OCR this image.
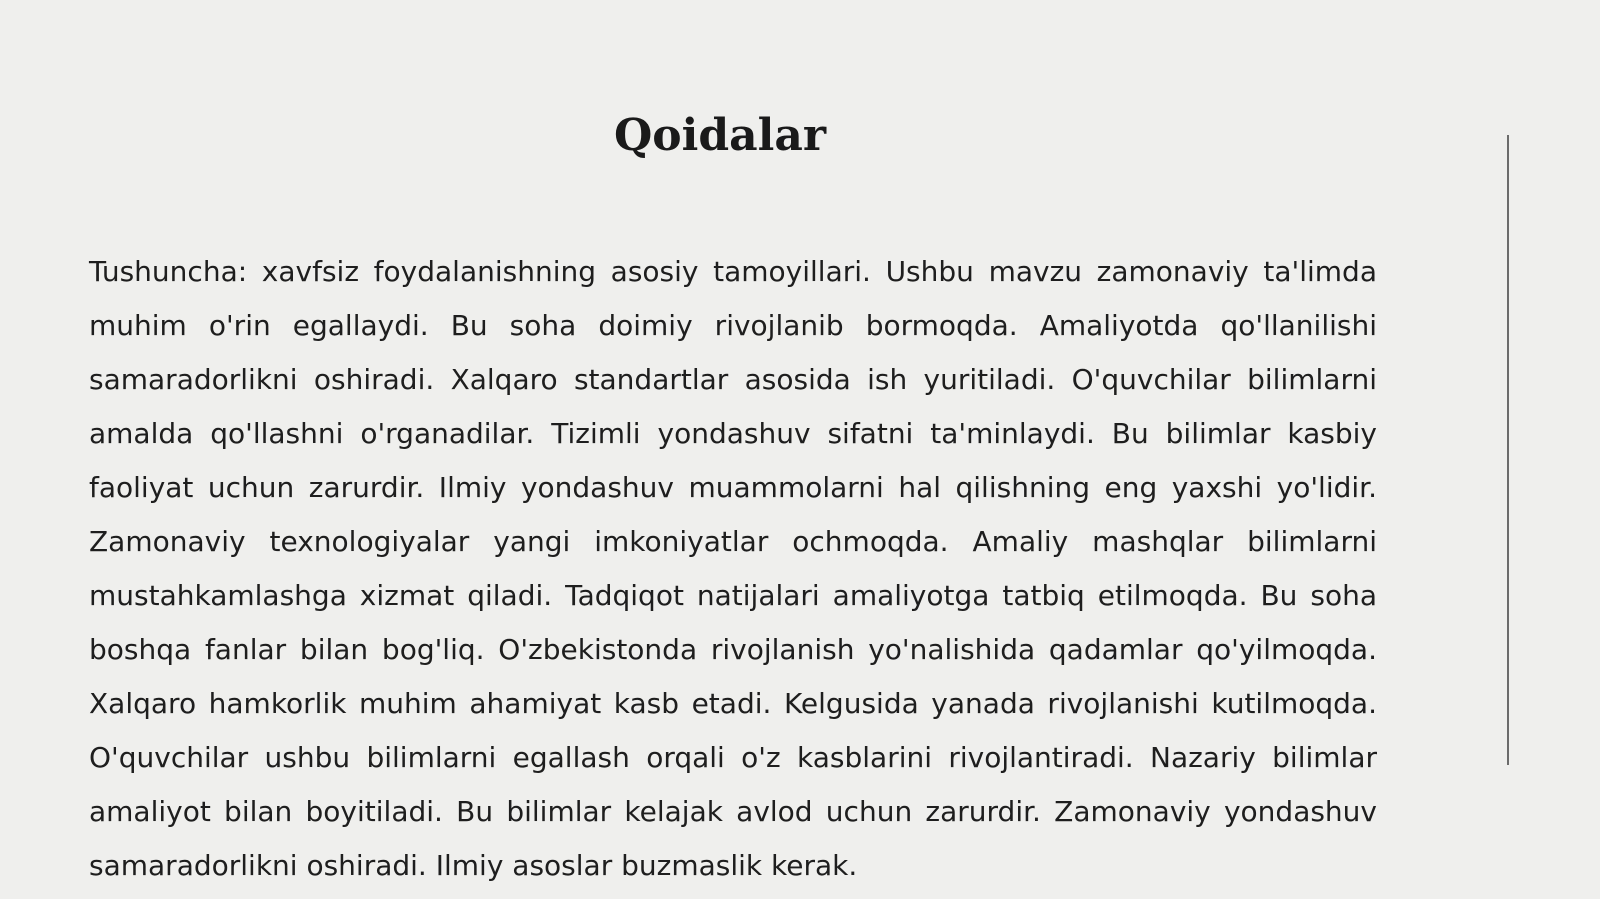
Qoidalar

Tushuncha: xavfsiz foydalanishning asosiy tamoyillari. Ushbu mavzu zamonaviy ta'limda muhim o'rin egallaydi. Bu soha doimiy rivojlanib bormoqda. Amaliyotda qo'llanilishi samaradorlikni oshiradi. Xalqaro standartlar asosida ish yuritiladi. O'quvchilar bilimlarni amalda qo'llashni o'rganadilar. Tizimli yondashuv sifatni ta'minlaydi. Bu bilimlar kasbiy faoliyat uchun zarurdir. Ilmiy yondashuv muammolarni hal qilishning eng yaxshi yo'lidir. Zamonaviy texnologiyalar yangi imkoniyatlar ochmoqda. Amaliy mashqlar bilimlarni mustahkamlashga xizmat qiladi. Tadqiqot natijalari amaliyotga tatbiq etilmoqda. Bu soha boshqa fanlar bilan bog'liq. O'zbekistonda rivojlanish yo'nalishida qadamlar qo'yilmoqda. Xalqaro hamkorlik muhim ahamiyat kasb etadi. Kelgusida yanada rivojlanishi kutilmoqda. O'quvchilar ushbu bilimlarni egallash orqali o'z kasblarini rivojlantiradi. Nazariy bilimlar amaliyot bilan boyitiladi. Bu bilimlar kelajak avlod uchun zarurdir. Zamonaviy yondashuv samaradorlikni oshiradi. Ilmiy asoslar buzmaslik kerak.
